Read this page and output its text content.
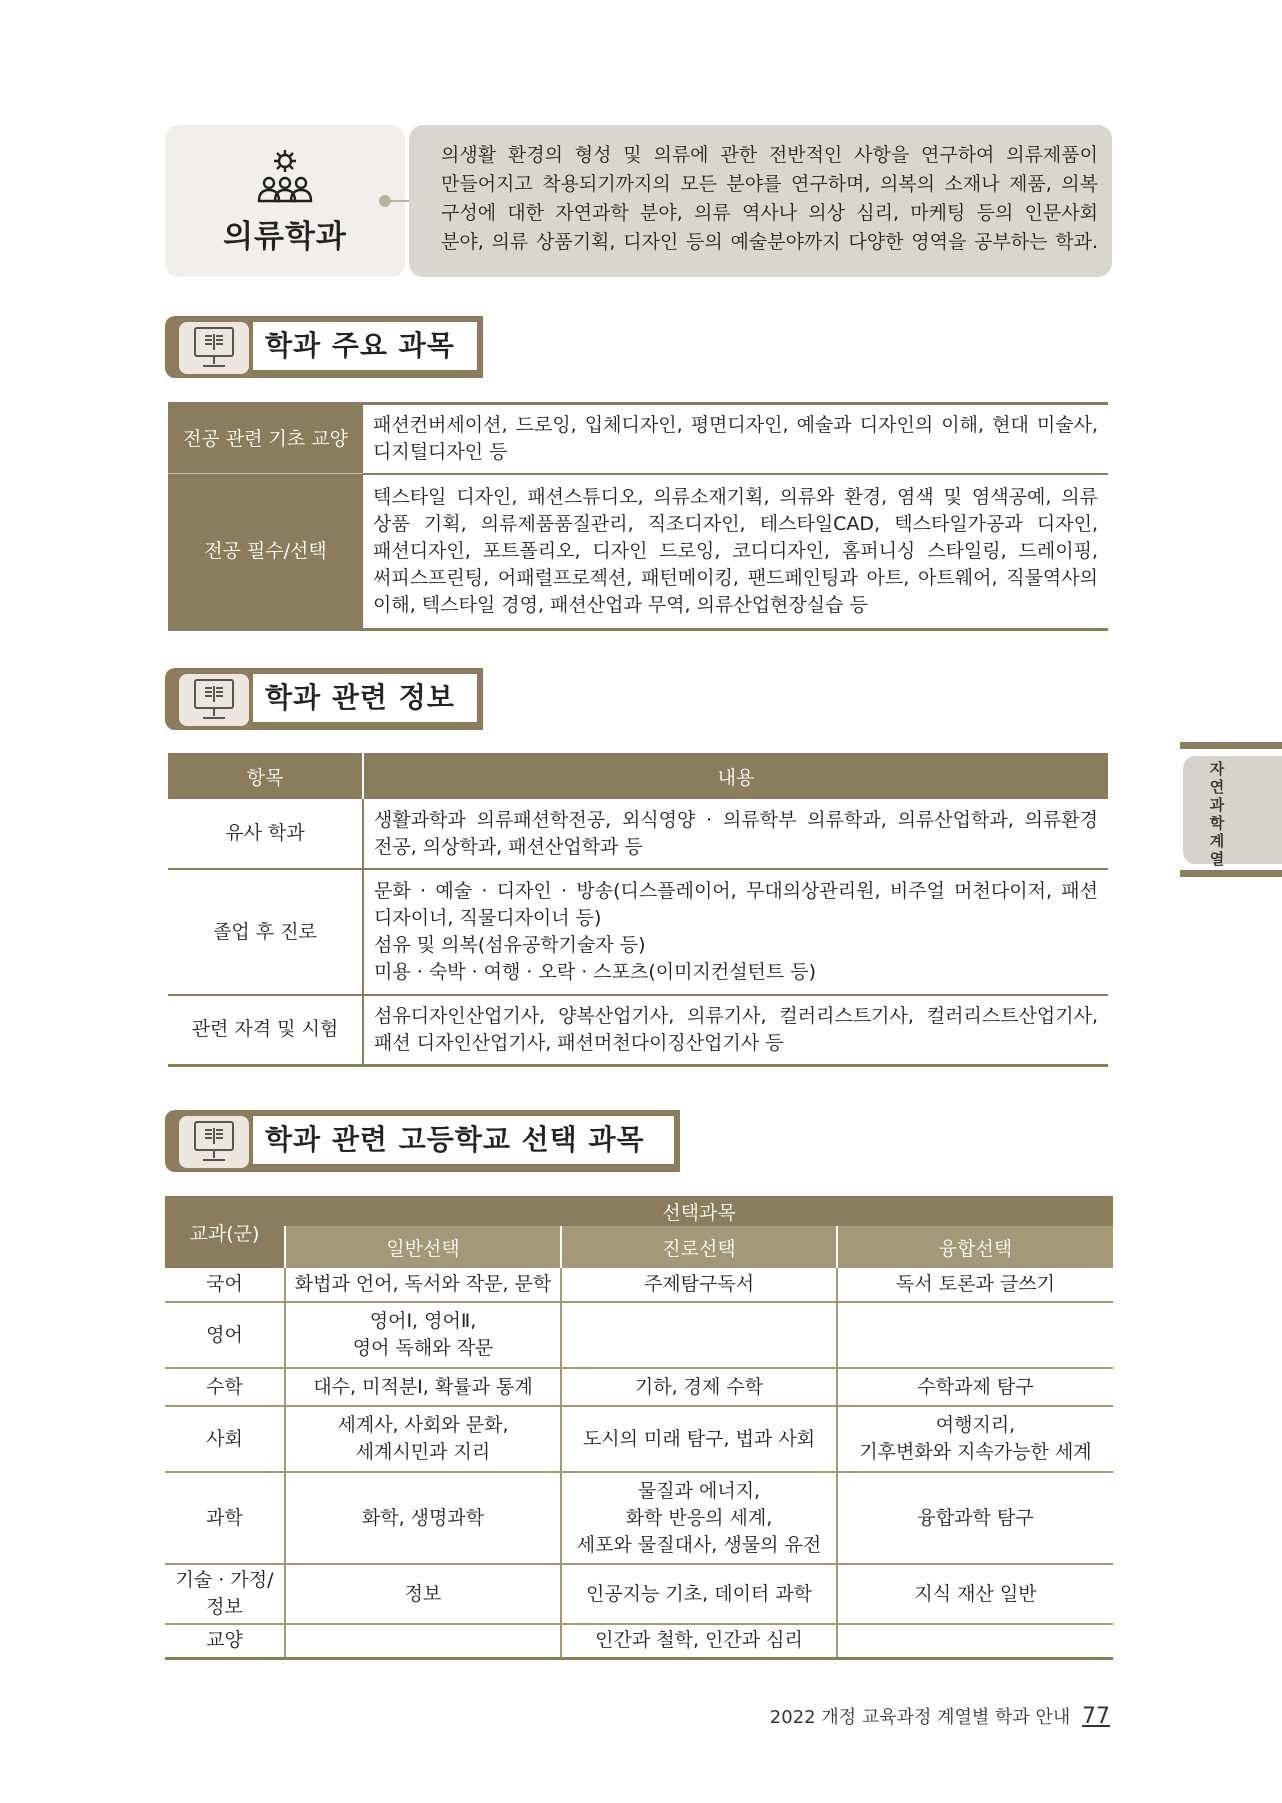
의류학과
의생활 환경의 형성 및 의류에 관한 전반적인 사항을 연구하여 의류제품이
만들어지고 착용되기까지의 모든 분야를 연구하며, 의복의 소재나 제품, 의복
구성에 대한 자연과학 분야, 의류 역사나 의상 심리, 마케팅 등의 인문사회
분야, 의류 상품기획, 디자인 등의 예술분야까지 다양한 영역을 공부하는 학과.
학과 주요 과목
전공 관련 기초 교양	패션컨버세이션, 드로잉, 입체디자인, 평면디자인, 예술과 디자인의 이해, 현대 미술사,
디지털디자인 등

전공 필수/선택	텍스타일 디자인, 패션스튜디오, 의류소재기획, 의류와 환경, 염색 및 염색공예, 의류
상품 기획, 의류제품품질관리, 직조디자인, 테스타일CAD, 텍스타일가공과 디자인,
패션디자인, 포트폴리오, 디자인 드로잉, 코디디자인, 홈퍼니싱 스타일링, 드레이핑,
써피스프린팅, 어패럴프로젝션, 패턴메이킹, 팬드페인팅과 아트, 아트웨어, 직물역사의
이해, 텍스타일 경영, 패션산업과 무역, 의류산업현장실습 등
학과 관련 정보
항목	내용
유사 학과	생활과학과 의류패션학전공, 외식영양 · 의류학부 의류학과, 의류산업학과, 의류환경
전공, 의상학과, 패션산업학과 등

졸업 후 진로	문화 · 예술 · 디자인 · 방송(디스플레이어, 무대의상관리원, 비주얼 머천다이저, 패션
디자이너, 직물디자이너 등)
섬유 및 의복(섬유공학기술자 등)
미용 · 숙박 · 여행 · 오락 · 스포츠(이미지컨설턴트 등)

관련 자격 및 시험	섬유디자인산업기사, 양복산업기사, 의류기사, 컬러리스트기사, 컬러리스트산업기사,
패션 디자인산업기사, 패션머천다이징산업기사 등
학과 관련 고등학교 선택 과목
교과(군)	선택과목		
	일반선택	진로선택	융합선택
국어	화법과 언어, 독서와 작문, 문학	주제탐구독서	독서 토론과 글쓰기
영어	영어Ⅰ, 영어Ⅱ,
영어 독해와 작문		
수학	대수, 미적분Ⅰ, 확률과 통계	기하, 경제 수학	수학과제 탐구
사회	세계사, 사회와 문화,
세계시민과 지리	도시의 미래 탐구, 법과 사회	여행지리,
기후변화와 지속가능한 세계
과학	화학, 생명과학	물질과 에너지,
화학 반응의 세계,
세포와 물질대사, 생물의 유전	융합과학 탐구
기술 · 가정/
정보	정보	인공지능 기초, 데이터 과학	지식 재산 일반
교양		인간과 철학, 인간과 심리	
자연과학 계열
2022 개정 교육과정 계열별 학과 안내 77
